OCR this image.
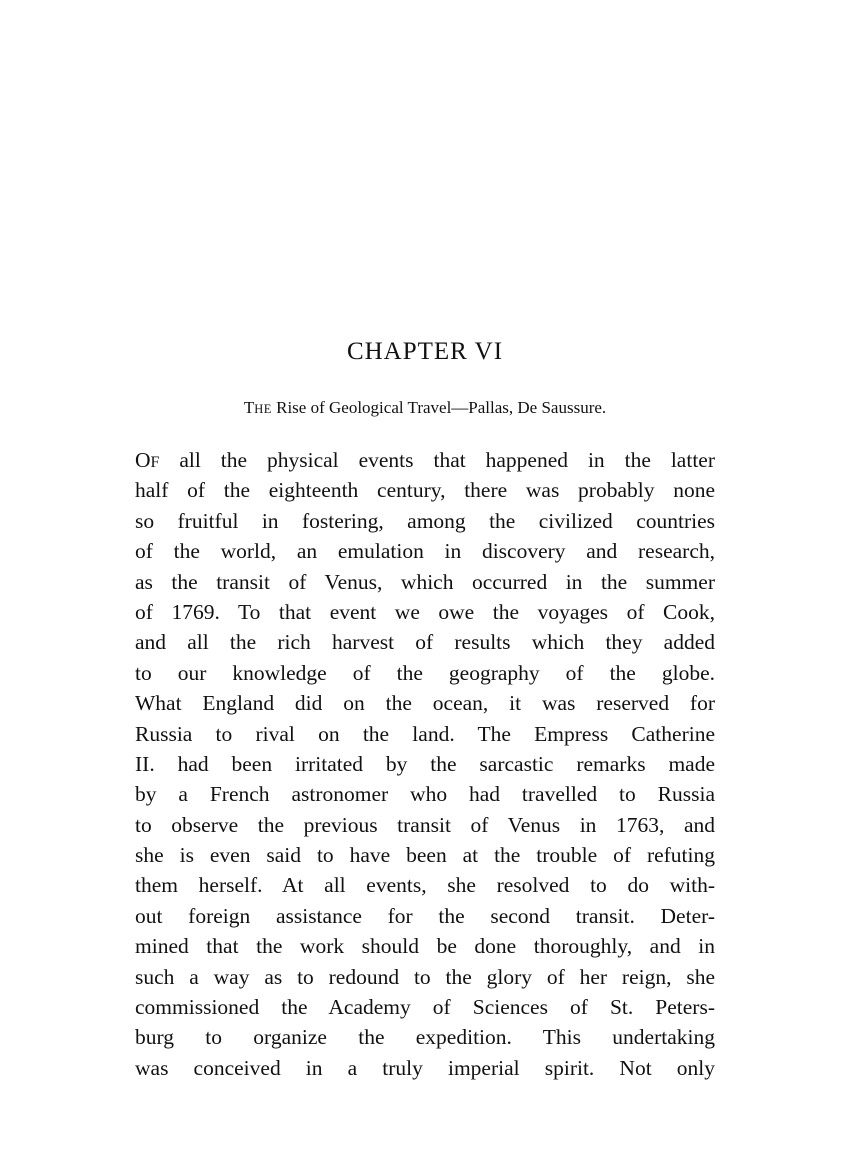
CHAPTER VI

THE Rise of Geological Travel—Pallas, De Saussure.

OF all the physical events that happened in the latter
half of the eighteenth century, there was probably none
so fruitful in fostering, among the civilized countries
of the world, an emulation in discovery and research,
as the transit of Venus, which occurred in the summer
of 1769. To that event we owe the voyages of Cook,
and all the rich harvest of results which they added
to our knowledge of the geography of the globe.
What England did on the ocean, it was reserved for
Russia to rival on the land. The Empress Catherine
II. had been irritated by the sarcastic remarks made
by a French astronomer who had travelled to Russia
to observe the previous transit of Venus in 1763, and
she is even said to have been at the trouble of refuting
them herself. At all events, she resolved to do with-
out foreign assistance for the second transit. Deter-
mined that the work should be done thoroughly, and in
such a way as to redound to the glory of her reign, she
commissioned the Academy of Sciences of St. Peters-
burg to organize the expedition. This undertaking
was conceived in a truly imperial spirit. Not only
